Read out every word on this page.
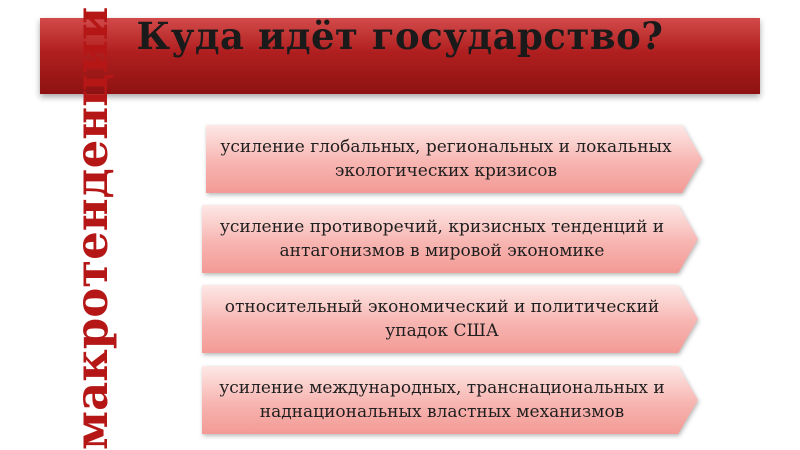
макротенденции Куда идёт государство?
усиление глобальных, региональных и локальных экологических кризисов
усиление противоречий, кризисных тенденций и антагонизмов в мировой экономике
относительный экономический и политический упадок США
усиление международных, транснациональных и наднациональных властных механизмов
